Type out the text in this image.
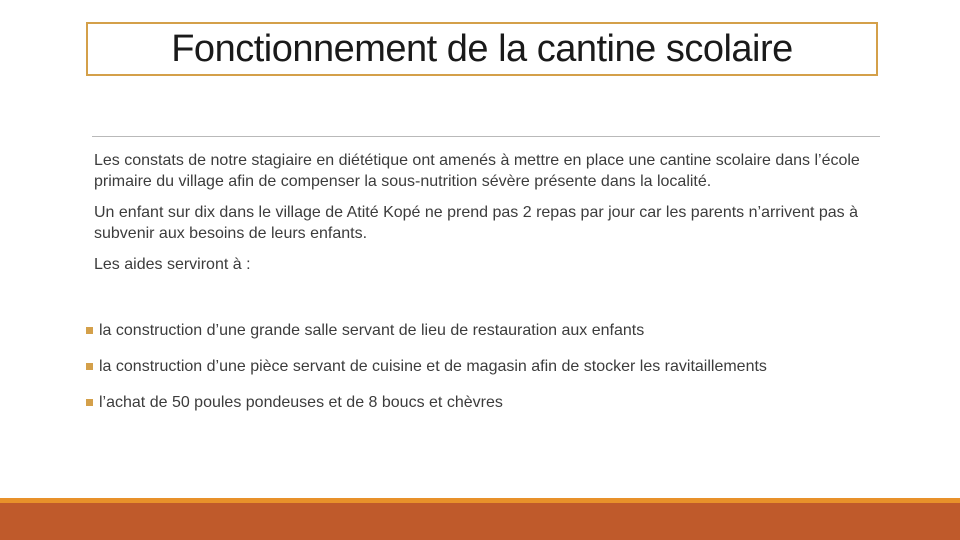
Fonctionnement de la cantine scolaire

Les constats de notre stagiaire en diététique ont amenés à mettre en place une cantine scolaire dans l’école primaire du village afin de compenser la sous-nutrition sévère présente dans la localité.

Un enfant sur dix dans le village de Atité Kopé ne prend pas 2 repas par jour car les parents n’arrivent pas à subvenir aux besoins de leurs enfants.

Les aides serviront à :

la construction d’une grande salle servant de lieu de restauration aux enfants
la construction d’une pièce servant de cuisine et de magasin afin de stocker les ravitaillements
l’achat de 50 poules pondeuses et de 8 boucs et chèvres
